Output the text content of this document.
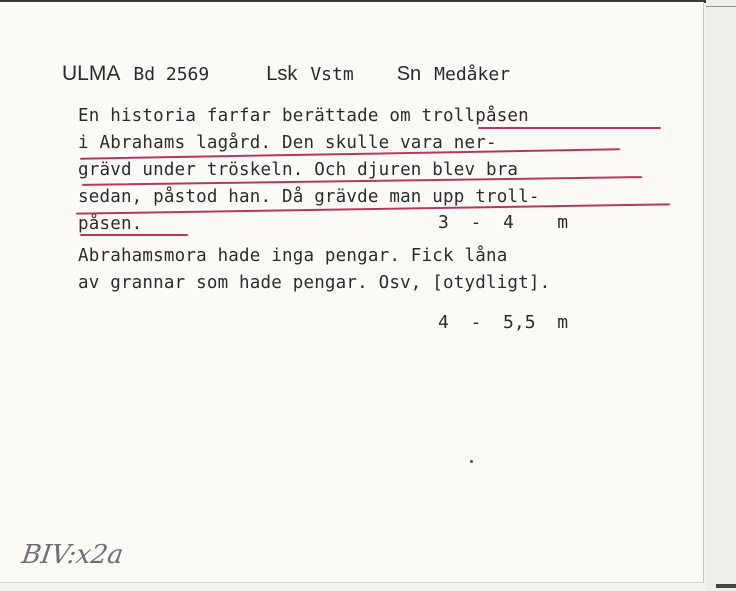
ULMA Bd 2569	Lsk Vstm Sn Medåker
En historia farfar berättade om trollpåsen
i Abrahams lagård. Den skulle vara ner-
grävd under tröskeln. Och djuren blev bra
sedan, påstod han. Då grävde man upp troll-
påsen.
Abrahamsmora hade inga pengar. Fick låna
av grannar som hade pengar. Osv, [otydligt].
3  -  4    m
4  -  5,5  m
BIV:x2a
